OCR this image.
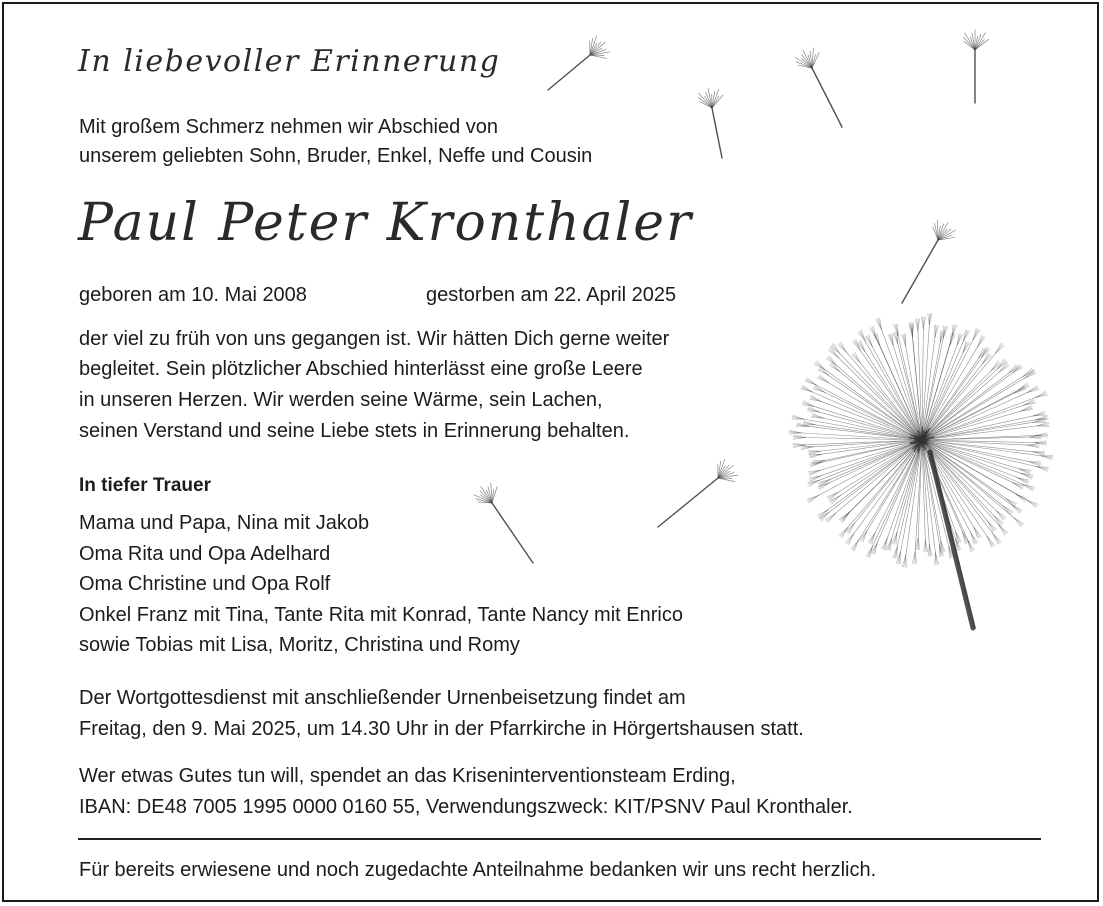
In liebevoller Erinnerung
Mit großem Schmerz nehmen wir Abschied von
unserem geliebten Sohn, Bruder, Enkel, Neffe und Cousin
Paul Peter Kronthaler
geboren am 10. Mai 2008	gestorben am 22. April 2025
der viel zu früh von uns gegangen ist. Wir hätten Dich gerne weiter
begleitet. Sein plötzlicher Abschied hinterlässt eine große Leere
in unseren Herzen. Wir werden seine Wärme, sein Lachen,
seinen Verstand und seine Liebe stets in Erinnerung behalten.
In tiefer Trauer
Mama und Papa, Nina mit Jakob
Oma Rita und Opa Adelhard
Oma Christine und Opa Rolf
Onkel Franz mit Tina, Tante Rita mit Konrad, Tante Nancy mit Enrico
sowie Tobias mit Lisa, Moritz, Christina und Romy
Der Wortgottesdienst mit anschließender Urnenbeisetzung findet am
Freitag, den 9. Mai 2025, um 14.30 Uhr in der Pfarrkirche in Hörgertshausen statt.
Wer etwas Gutes tun will, spendet an das Kriseninterventionsteam Erding,
IBAN: DE48 7005 1995 0000 0160 55, Verwendungszweck: KIT/PSNV Paul Kronthaler.
Für bereits erwiesene und noch zugedachte Anteilnahme bedanken wir uns recht herzlich.
